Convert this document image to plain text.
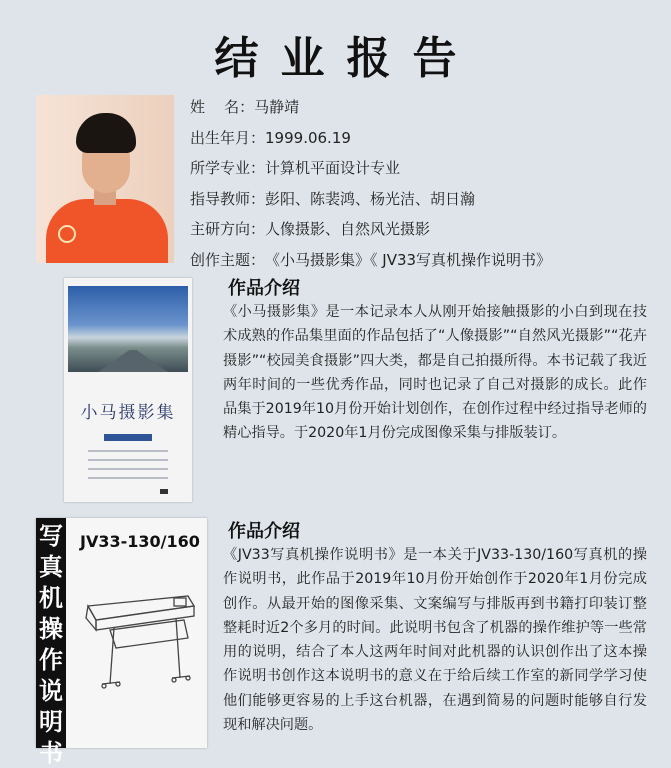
结业报告
姓    名：马静靖
出生年月：1999.06.19
所学专业：计算机平面设计专业
指导教师：彭阳、陈裴鸿、杨光洁、胡日瀚
主研方向：人像摄影、自然风光摄影
创作主题：《小马摄影集》《 JV33写真机操作说明书》
小马摄影集
作品介绍
《小马摄影集》是一本记录本人从刚开始接触摄影的小白到现在技术成熟的作品集里面的作品包括了“人像摄影”“自然风光摄影”“花卉摄影”“校园美食摄影”四大类，都是自己拍摄所得。本书记载了我近两年时间的一些优秀作品，同时也记录了自己对摄影的成长。此作品集于2019年10月份开始计划创作，在创作过程中经过指导老师的精心指导。于2020年1月份完成图像采集与排版装订。
写真机操作说明书
JV33-130/160 作品介绍
《JV33写真机操作说明书》是一本关于JV33-130/160写真机的操作说明书，此作品于2019年10月份开始创作于2020年1月份完成创作。从最开始的图像采集、文案编写与排版再到书籍打印装订整整耗时近2个多月的时间。此说明书包含了机器的操作维护等一些常用的说明，结合了本人这两年时间对此机器的认识创作出了这本操作说明书创作这本说明书的意义在于给后续工作室的新同学学习使他们能够更容易的上手这台机器，在遇到简易的问题时能够自行发现和解决问题。
